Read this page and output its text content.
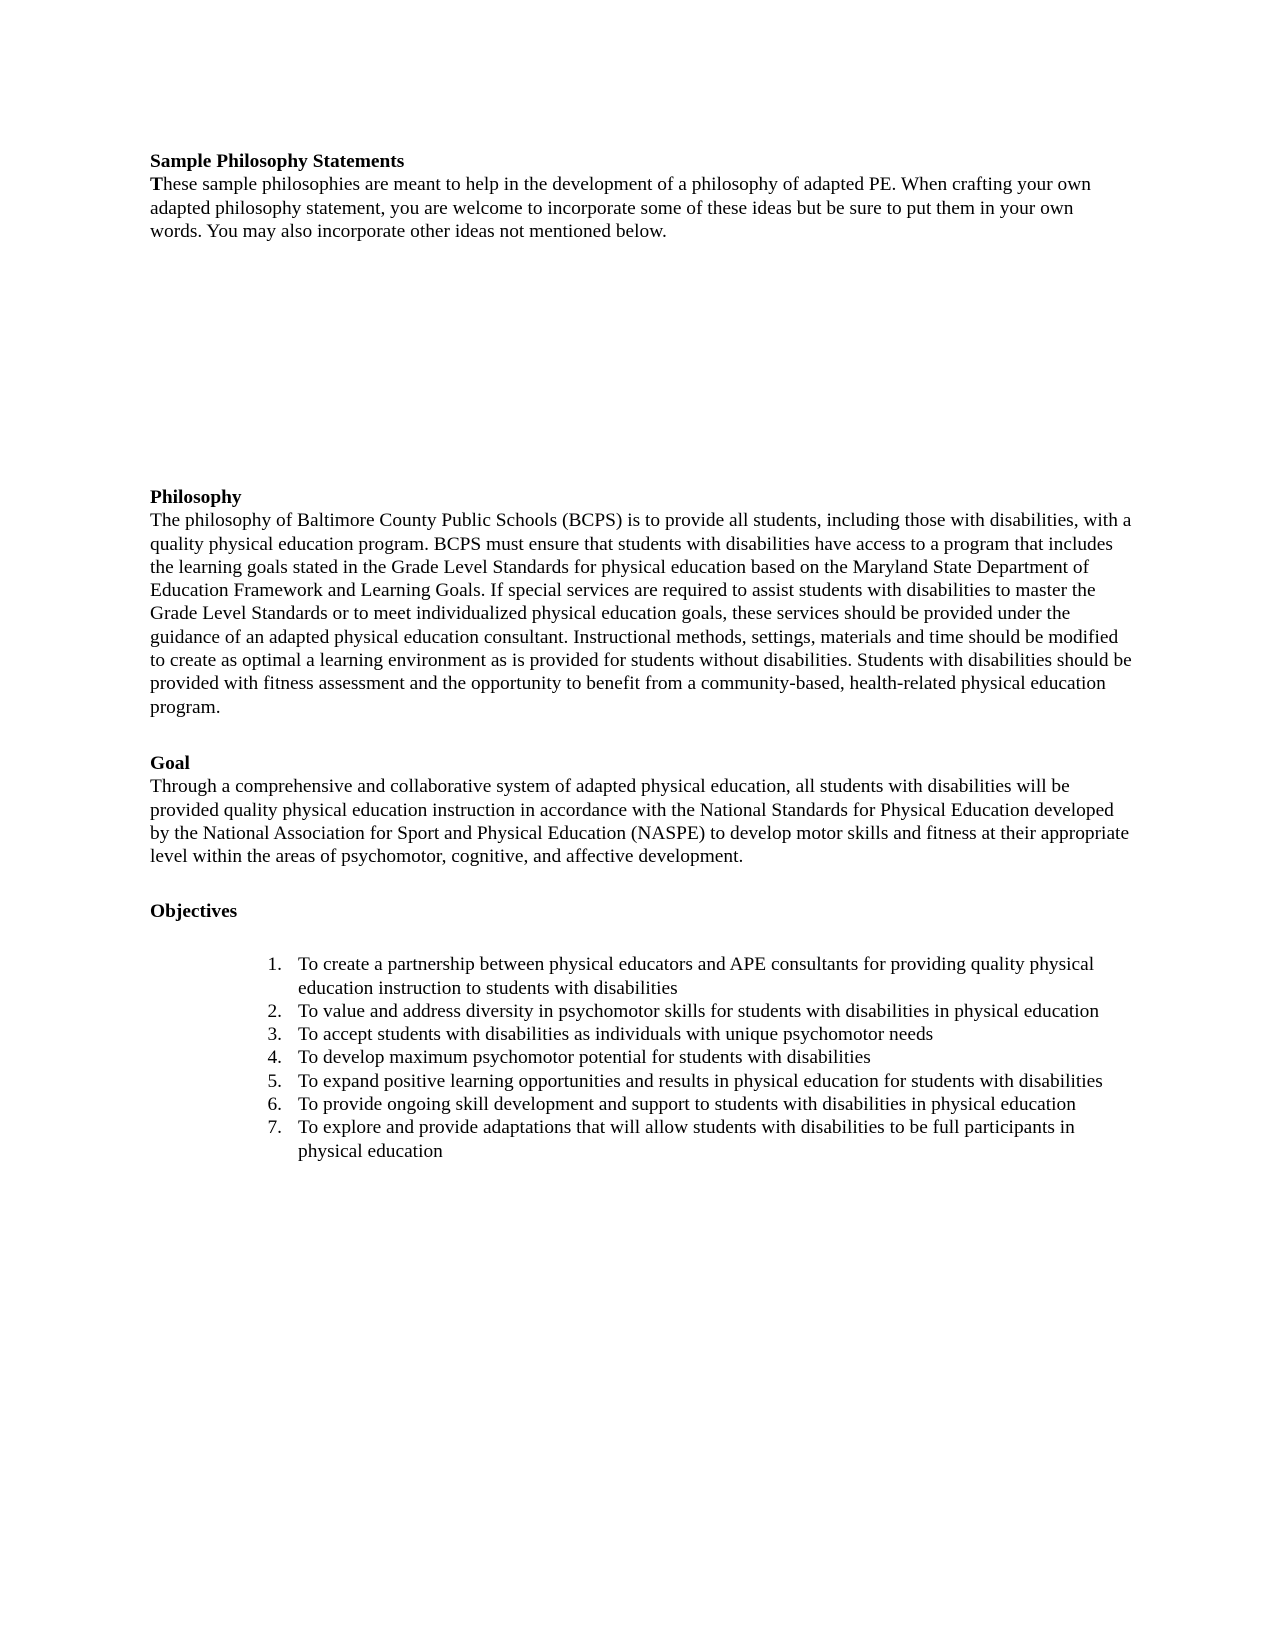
Sample Philosophy Statements

These sample philosophies are meant to help in the development of a philosophy of adapted PE. When crafting your own adapted philosophy statement, you are welcome to incorporate some of these ideas but be sure to put them in your own words. You may also incorporate other ideas not mentioned below.

Philosophy

The philosophy of Baltimore County Public Schools (BCPS) is to provide all students, including those with disabilities, with a quality physical education program. BCPS must ensure that students with disabilities have access to a program that includes the learning goals stated in the Grade Level Standards for physical education based on the Maryland State Department of Education Framework and Learning Goals. If special services are required to assist students with disabilities to master the Grade Level Standards or to meet individualized physical education goals, these services should be provided under the guidance of an adapted physical education consultant. Instructional methods, settings, materials and time should be modified to create as optimal a learning environment as is provided for students without disabilities. Students with disabilities should be provided with fitness assessment and the opportunity to benefit from a community-based, health-related physical education program.

Goal

Through a comprehensive and collaborative system of adapted physical education, all students with disabilities will be provided quality physical education instruction in accordance with the National Standards for Physical Education developed by the National Association for Sport and Physical Education (NASPE) to develop motor skills and fitness at their appropriate level within the areas of psychomotor, cognitive, and affective development.

Objectives

1. To create a partnership between physical educators and APE consultants for providing quality physical education instruction to students with disabilities
2. To value and address diversity in psychomotor skills for students with disabilities in physical education
3. To accept students with disabilities as individuals with unique psychomotor needs
4. To develop maximum psychomotor potential for students with disabilities
5. To expand positive learning opportunities and results in physical education for students with disabilities
6. To provide ongoing skill development and support to students with disabilities in physical education
7. To explore and provide adaptations that will allow students with disabilities to be full participants in physical education
